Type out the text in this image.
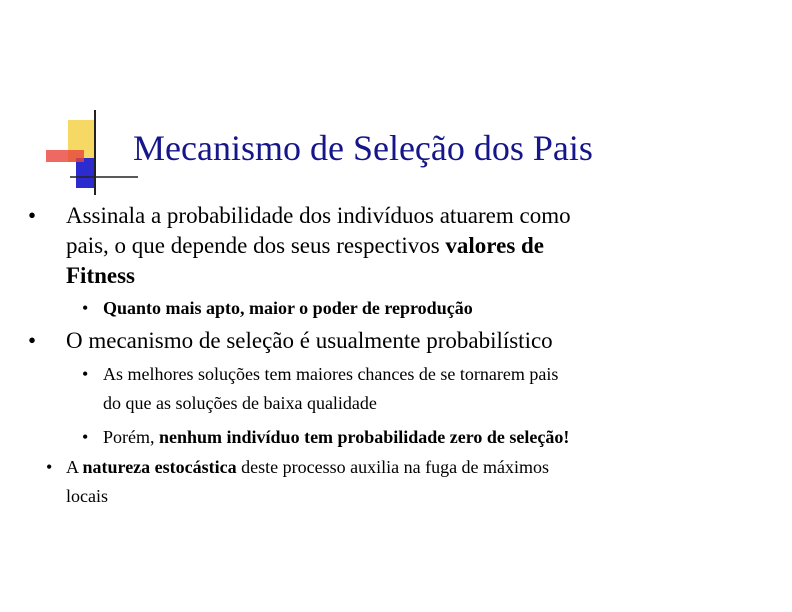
Mecanismo de Seleção dos Pais
• Assinala a probabilidade dos indivíduos atuarem como
pais, o que depende dos seus respectivos valores de
Fitness
• Quanto mais apto, maior o poder de reprodução
• O mecanismo de seleção é usualmente probabilístico
• As melhores soluções tem maiores chances de se tornarem pais
do que as soluções de baixa qualidade
• Porém, nenhum indivíduo tem probabilidade zero de seleção!
• A natureza estocástica deste processo auxilia na fuga de máximos
locais
